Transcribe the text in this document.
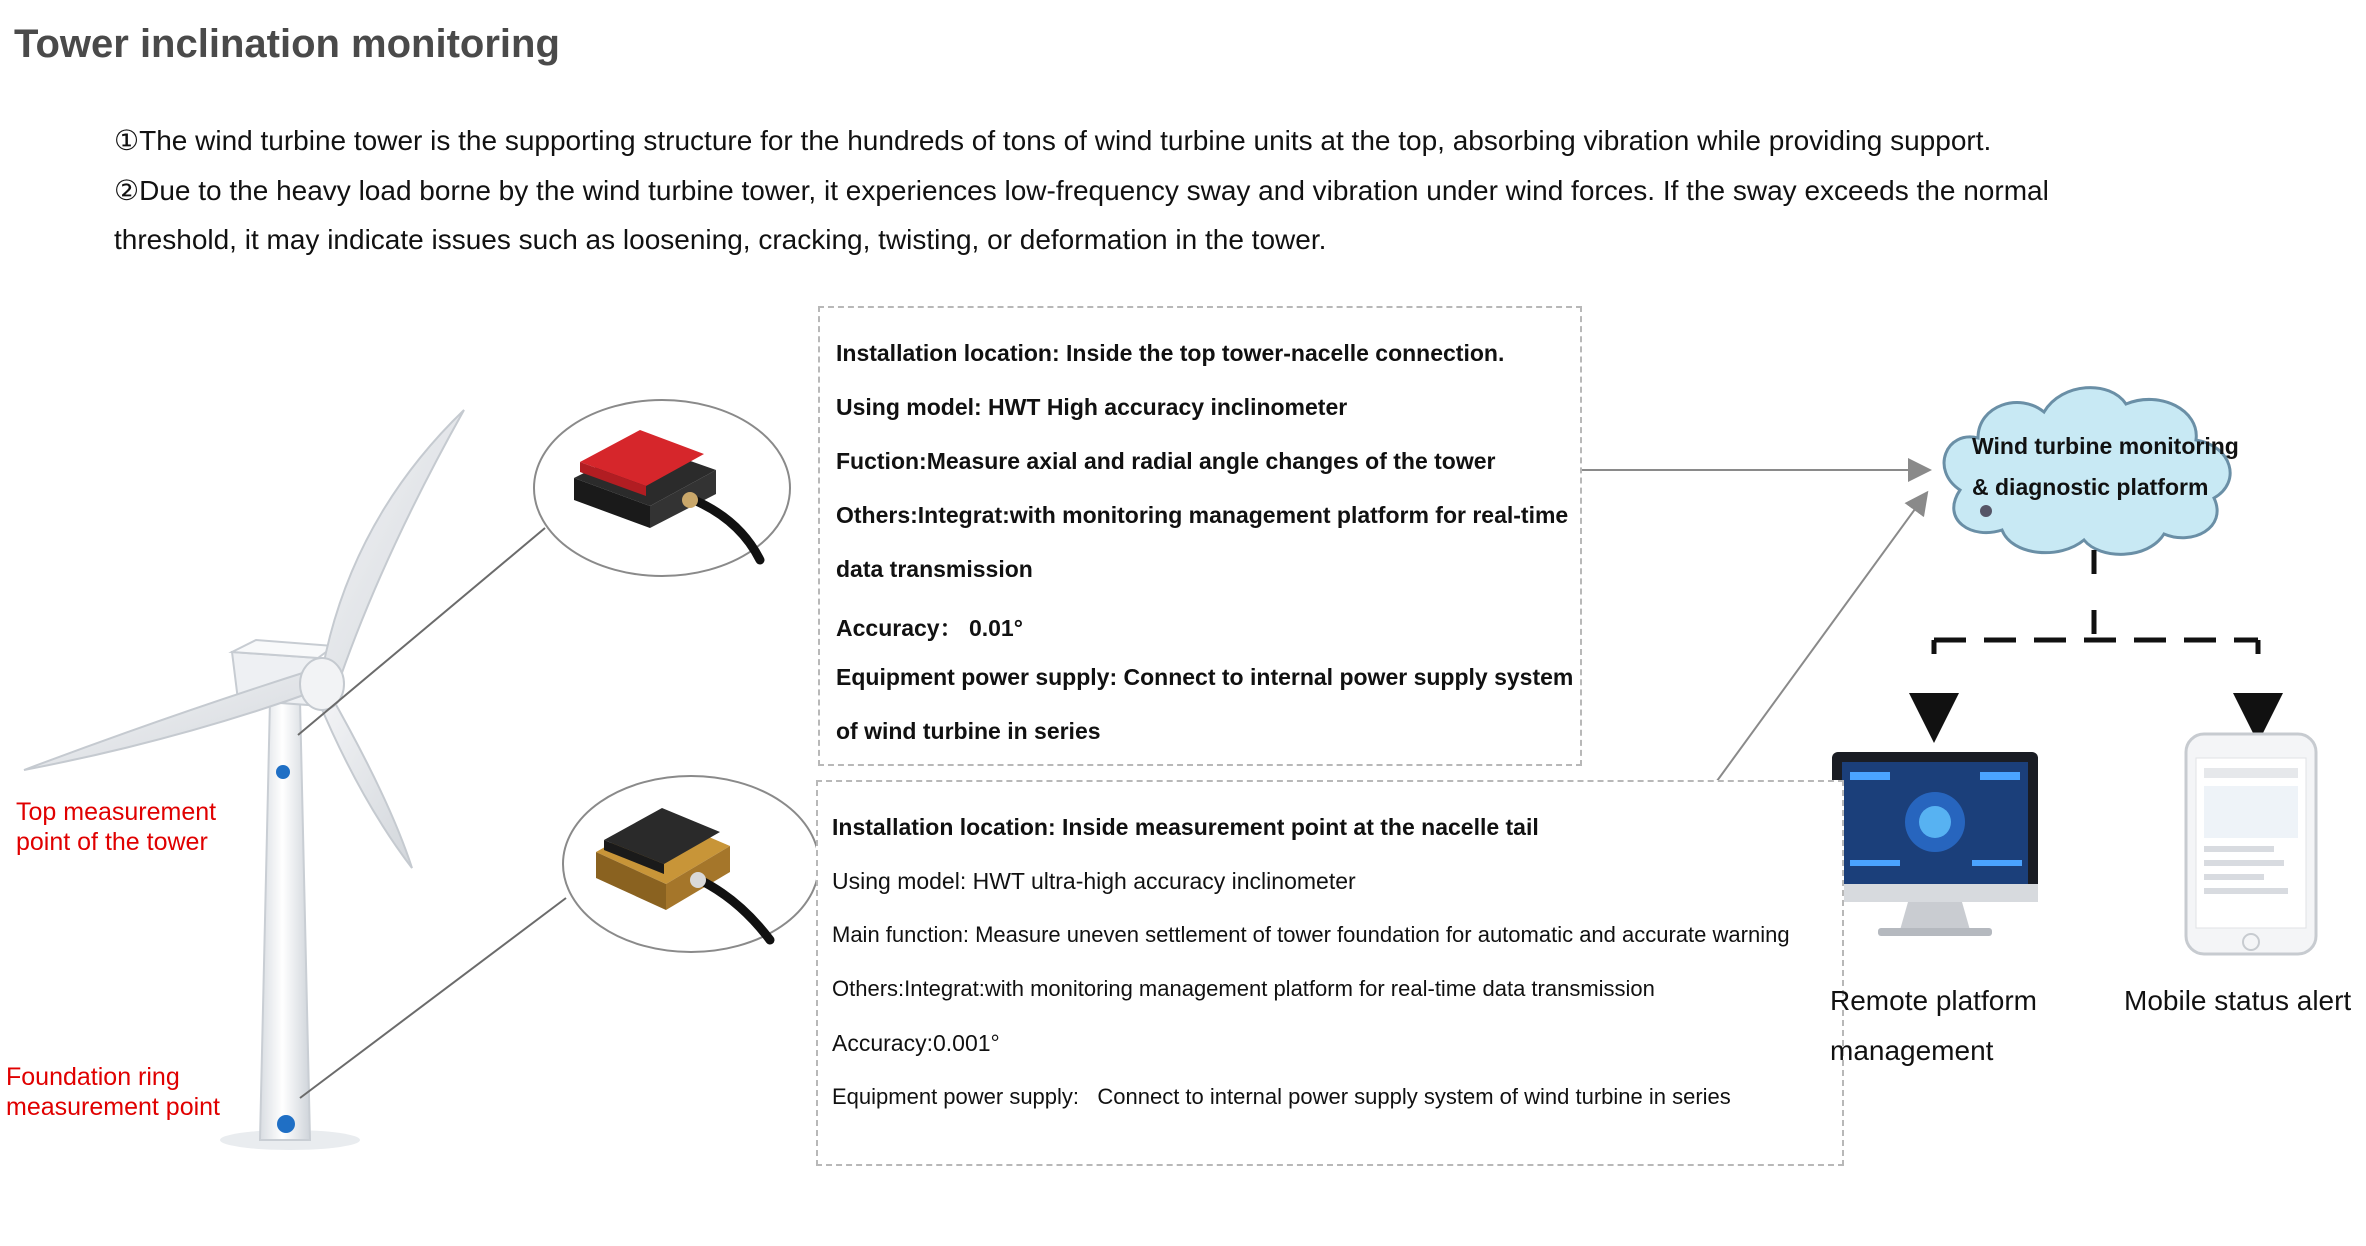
Tower inclination monitoring
①The wind turbine tower is the supporting structure for the hundreds of tons of wind turbine units at the top, absorbing vibration while providing support.
②Due to the heavy load borne by the wind turbine tower, it experiences low-frequency sway and vibration under wind forces. If the sway exceeds the normal
threshold, it may indicate issues such as loosening, cracking, twisting, or deformation in the tower.
Installation location: Inside the top tower-nacelle connection.
Using model: HWT High accuracy inclinometer
Fuction:Measure axial and radial angle changes of the tower
Others:Integrat:with monitoring management platform for real-time
data transmission
Accuracy： 0.01°
Equipment power supply: Connect to internal power supply system
of wind turbine in series
Installation location: Inside measurement point at the nacelle tail
Using model: HWT ultra-high accuracy inclinometer
Main function: Measure uneven settlement of tower foundation for automatic and accurate warning
Others:Integrat:with monitoring management platform for real-time data transmission
Accuracy:0.001°
Equipment power supply:   Connect to internal power supply system of wind turbine in series
Top measurement
point of the tower
Foundation ring
measurement point
Wind turbine monitoring
& diagnostic platform
Remote platform
management
Mobile status alert
